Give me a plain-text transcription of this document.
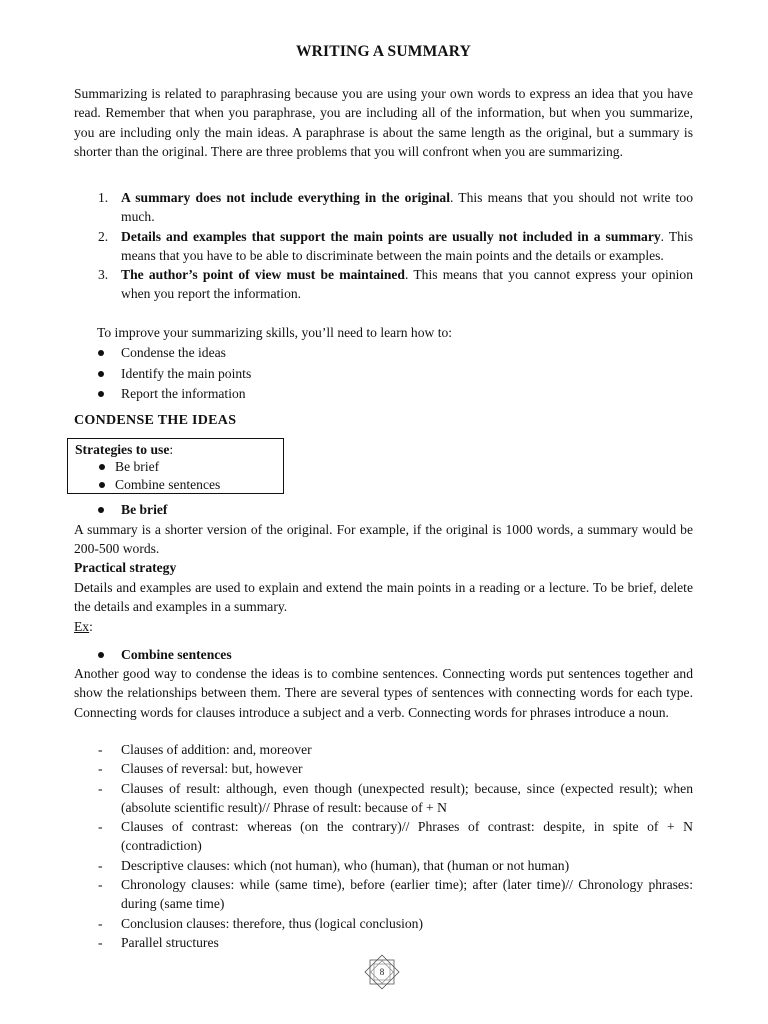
WRITING A SUMMARY
Summarizing is related to paraphrasing because you are using your own words to express an idea that you have read. Remember that when you paraphrase, you are including all of the information, but when you summarize, you are including only the main ideas. A paraphrase is about the same length as the original, but a summary is shorter than the original. There are three problems that you will confront when you are summarizing.
1. A summary does not include everything in the original. This means that you should not write too much.
2. Details and examples that support the main points are usually not included in a summary. This means that you have to be able to discriminate between the main points and the details or examples.
3. The author’s point of view must be maintained. This means that you cannot express your opinion when you report the information.
To improve your summarizing skills, you’ll need to learn how to:
Condense the ideas
Identify the main points
Report the information
CONDENSE THE IDEAS
Strategies to use:
Be brief
Combine sentences
Be brief
A summary is a shorter version of the original. For example, if the original is 1000 words, a summary would be 200-500 words.
Practical strategy
Details and examples are used to explain and extend the main points in a reading or a lecture. To be brief, delete the details and examples in a summary.
Ex:
Combine sentences
Another good way to condense the ideas is to combine sentences. Connecting words put sentences together and show the relationships between them. There are several types of sentences with connecting words for each type. Connecting words for clauses introduce a subject and a verb. Connecting words for phrases introduce a noun.
- Clauses of addition: and, moreover
- Clauses of reversal: but, however
- Clauses of result: although, even though (unexpected result); because, since (expected result); when (absolute scientific result)// Phrase of result: because of + N
- Clauses of contrast: whereas (on the contrary)// Phrases of contrast: despite, in spite of + N (contradiction)
- Descriptive clauses: which (not human), who (human), that (human or not human)
- Chronology clauses: while (same time), before (earlier time); after (later time)// Chronology phrases: during (same time)
- Conclusion clauses: therefore, thus (logical conclusion)
- Parallel structures
8
